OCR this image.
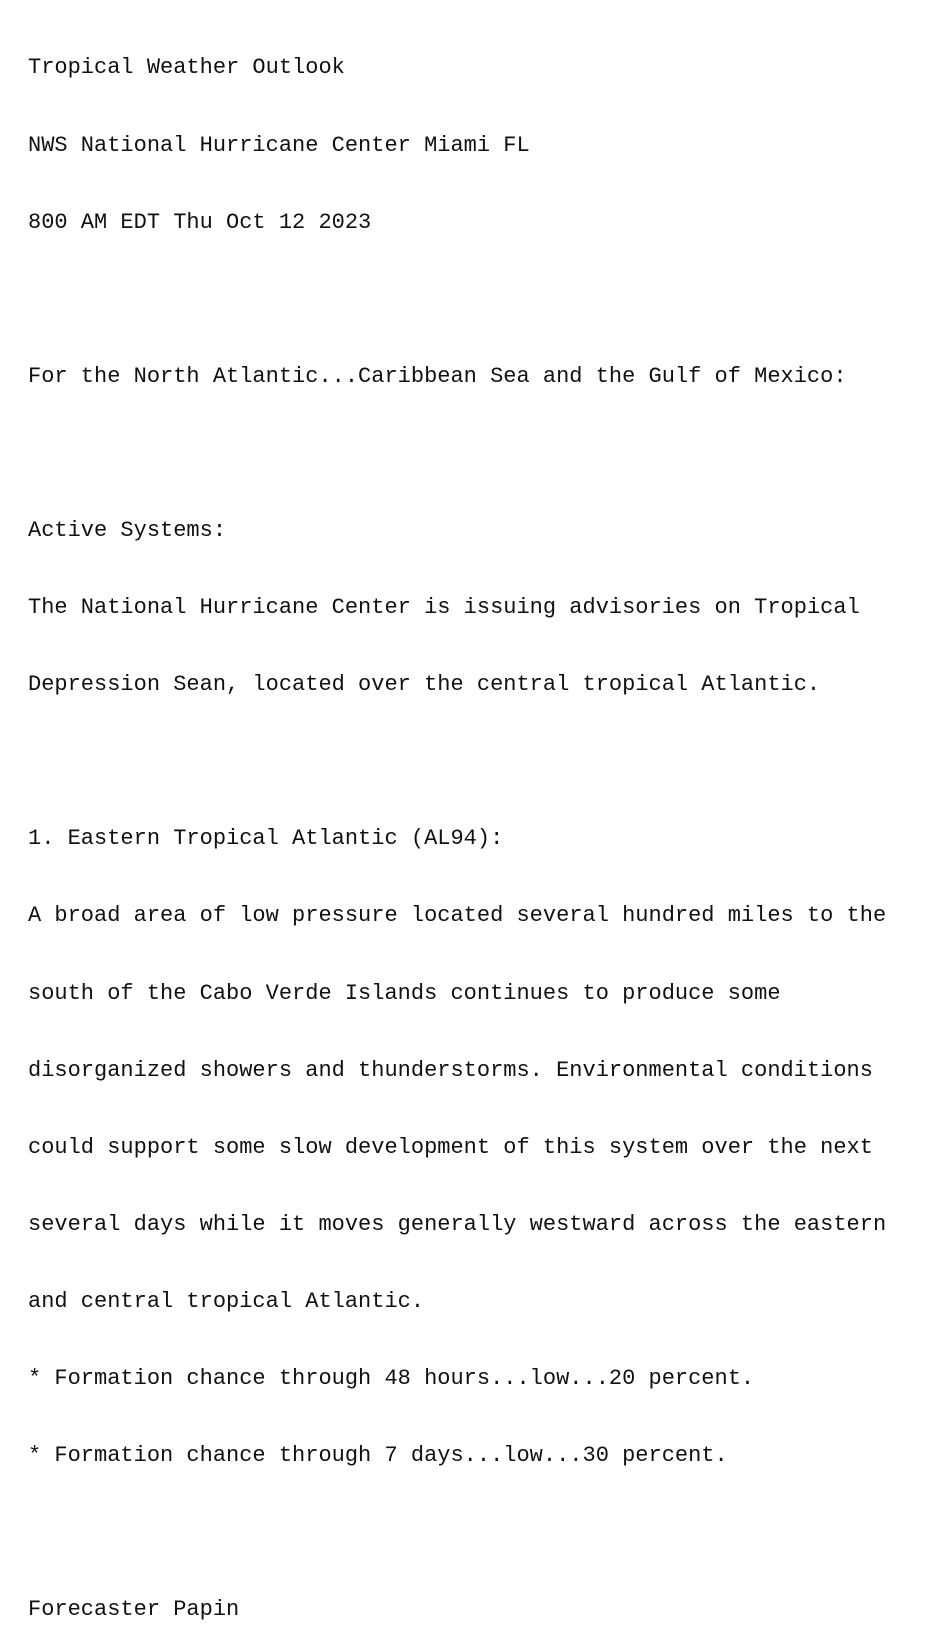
Tropical Weather Outlook

NWS National Hurricane Center Miami FL

800 AM EDT Thu Oct 12 2023

For the North Atlantic...Caribbean Sea and the Gulf of Mexico:

Active Systems:

The National Hurricane Center is issuing advisories on Tropical

Depression Sean, located over the central tropical Atlantic.

1. Eastern Tropical Atlantic (AL94):

A broad area of low pressure located several hundred miles to the

south of the Cabo Verde Islands continues to produce some

disorganized showers and thunderstorms. Environmental conditions

could support some slow development of this system over the next

several days while it moves generally westward across the eastern

and central tropical Atlantic.

* Formation chance through 48 hours...low...20 percent.

* Formation chance through 7 days...low...30 percent.

Forecaster Papin
